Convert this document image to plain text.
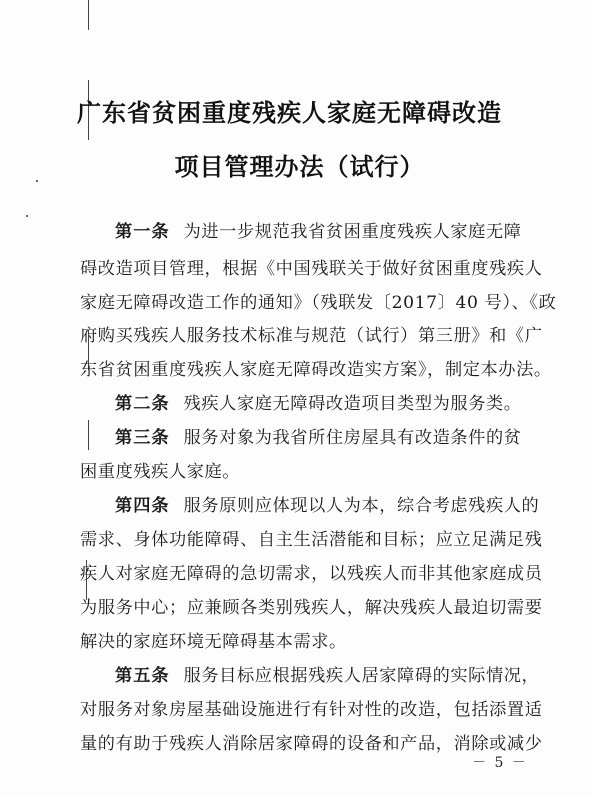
广东省贫困重度残疾人家庭无障碍改造
项目管理办法（试行）
第一条 为进一步规范我省贫困重度残疾人家庭无障
碍改造项目管理，根据《中国残联关于做好贫困重度残疾人
家庭无障碍改造工作的通知》（残联发〔2017〕40 号）、《政
府购买残疾人服务技术标准与规范（试行）第三册》和《广
东省贫困重度残疾人家庭无障碍改造实方案》，制定本办法。
第二条 残疾人家庭无障碍改造项目类型为服务类。
第三条 服务对象为我省所住房屋具有改造条件的贫
困重度残疾人家庭。
第四条 服务原则应体现以人为本，综合考虑残疾人的
需求、身体功能障碍、自主生活潜能和目标；应立足满足残
疾人对家庭无障碍的急切需求，以残疾人而非其他家庭成员
为服务中心；应兼顾各类别残疾人，解决残疾人最迫切需要
解决的家庭环境无障碍基本需求。
第五条 服务目标应根据残疾人居家障碍的实际情况，
对服务对象房屋基础设施进行有针对性的改造，包括添置适
量的有助于残疾人消除居家障碍的设备和产品，消除或减少
－ 5 －
